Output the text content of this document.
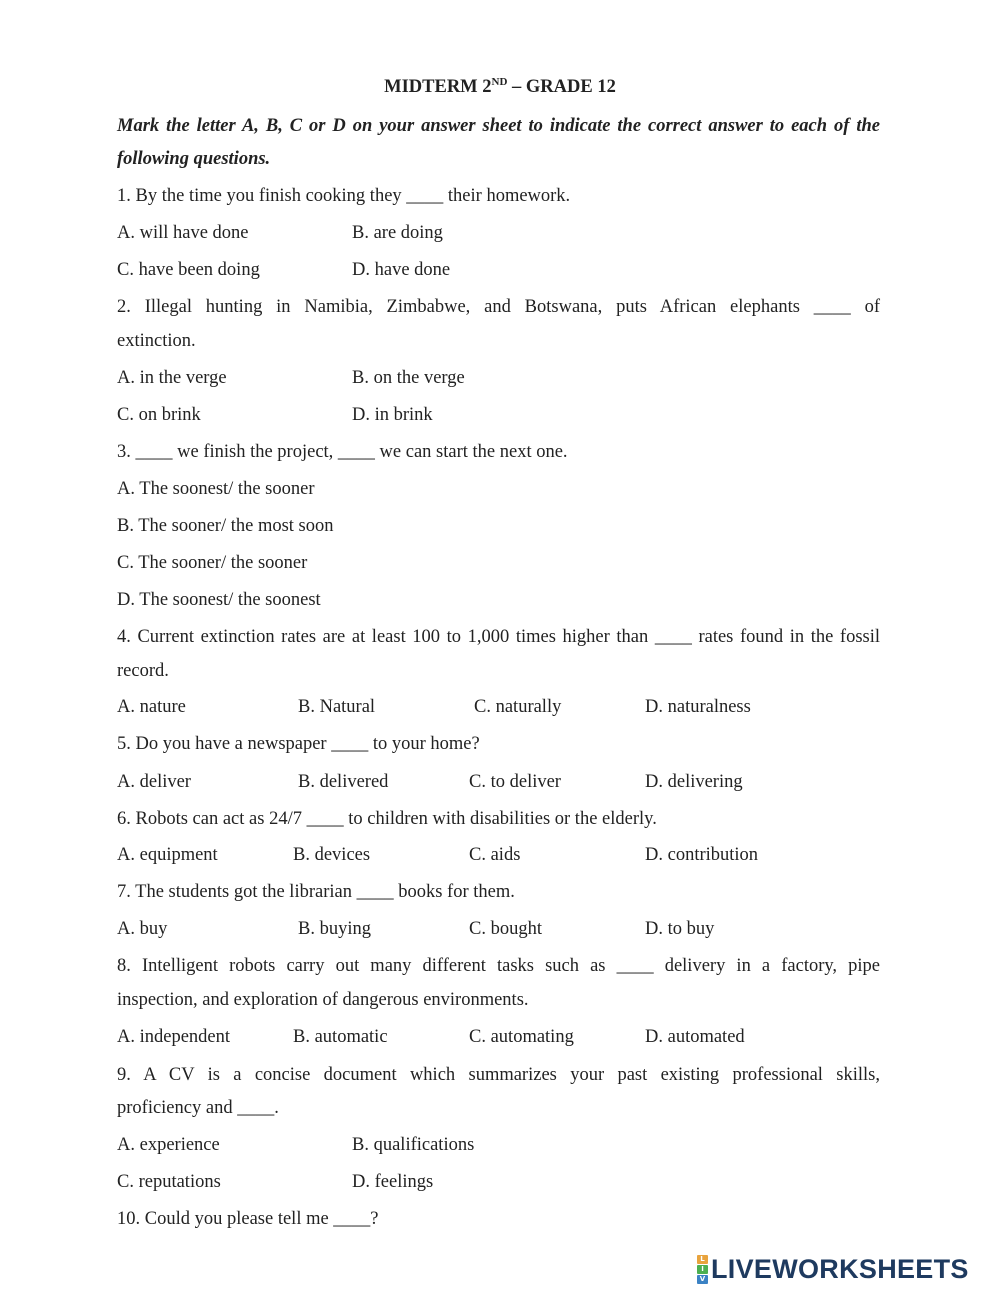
MIDTERM 2ND – GRADE 12
Mark the letter A, B, C or D on your answer sheet to indicate the correct answer to each of the
following questions.
1. By the time you finish cooking they ____ their homework.
A. will have done	B. are doing
C. have been doing	D. have done
2. Illegal hunting in Namibia, Zimbabwe, and Botswana, puts African elephants ____ of
extinction.
A. in the verge	B. on the verge
C. on brink	D. in brink
3. ____ we finish the project, ____ we can start the next one.
A. The soonest/ the sooner
B. The sooner/ the most soon
C. The sooner/ the sooner
D. The soonest/ the soonest
4. Current extinction rates are at least 100 to 1,000 times higher than ____ rates found in the fossil
record.
A. nature	B. Natural	C. naturally	D. naturalness
5. Do you have a newspaper ____ to your home?
A. deliver	B. delivered	C. to deliver	D. delivering
6. Robots can act as 24/7 ____ to children with disabilities or the elderly.
A. equipment	B. devices	C. aids	D. contribution
7. The students got the librarian ____ books for them.
A. buy	B. buying	C. bought	D. to buy
8. Intelligent robots carry out many different tasks such as ____ delivery in a factory, pipe
inspection, and exploration of dangerous environments.
A. independent	B. automatic	C. automating	D. automated
9. A CV is a concise document which summarizes your past existing professional skills,
proficiency and ____.
A. experience	B. qualifications
C. reputations	D. feelings
10. Could you please tell me ____?
L
I
V LIVEWORKSHEETS
